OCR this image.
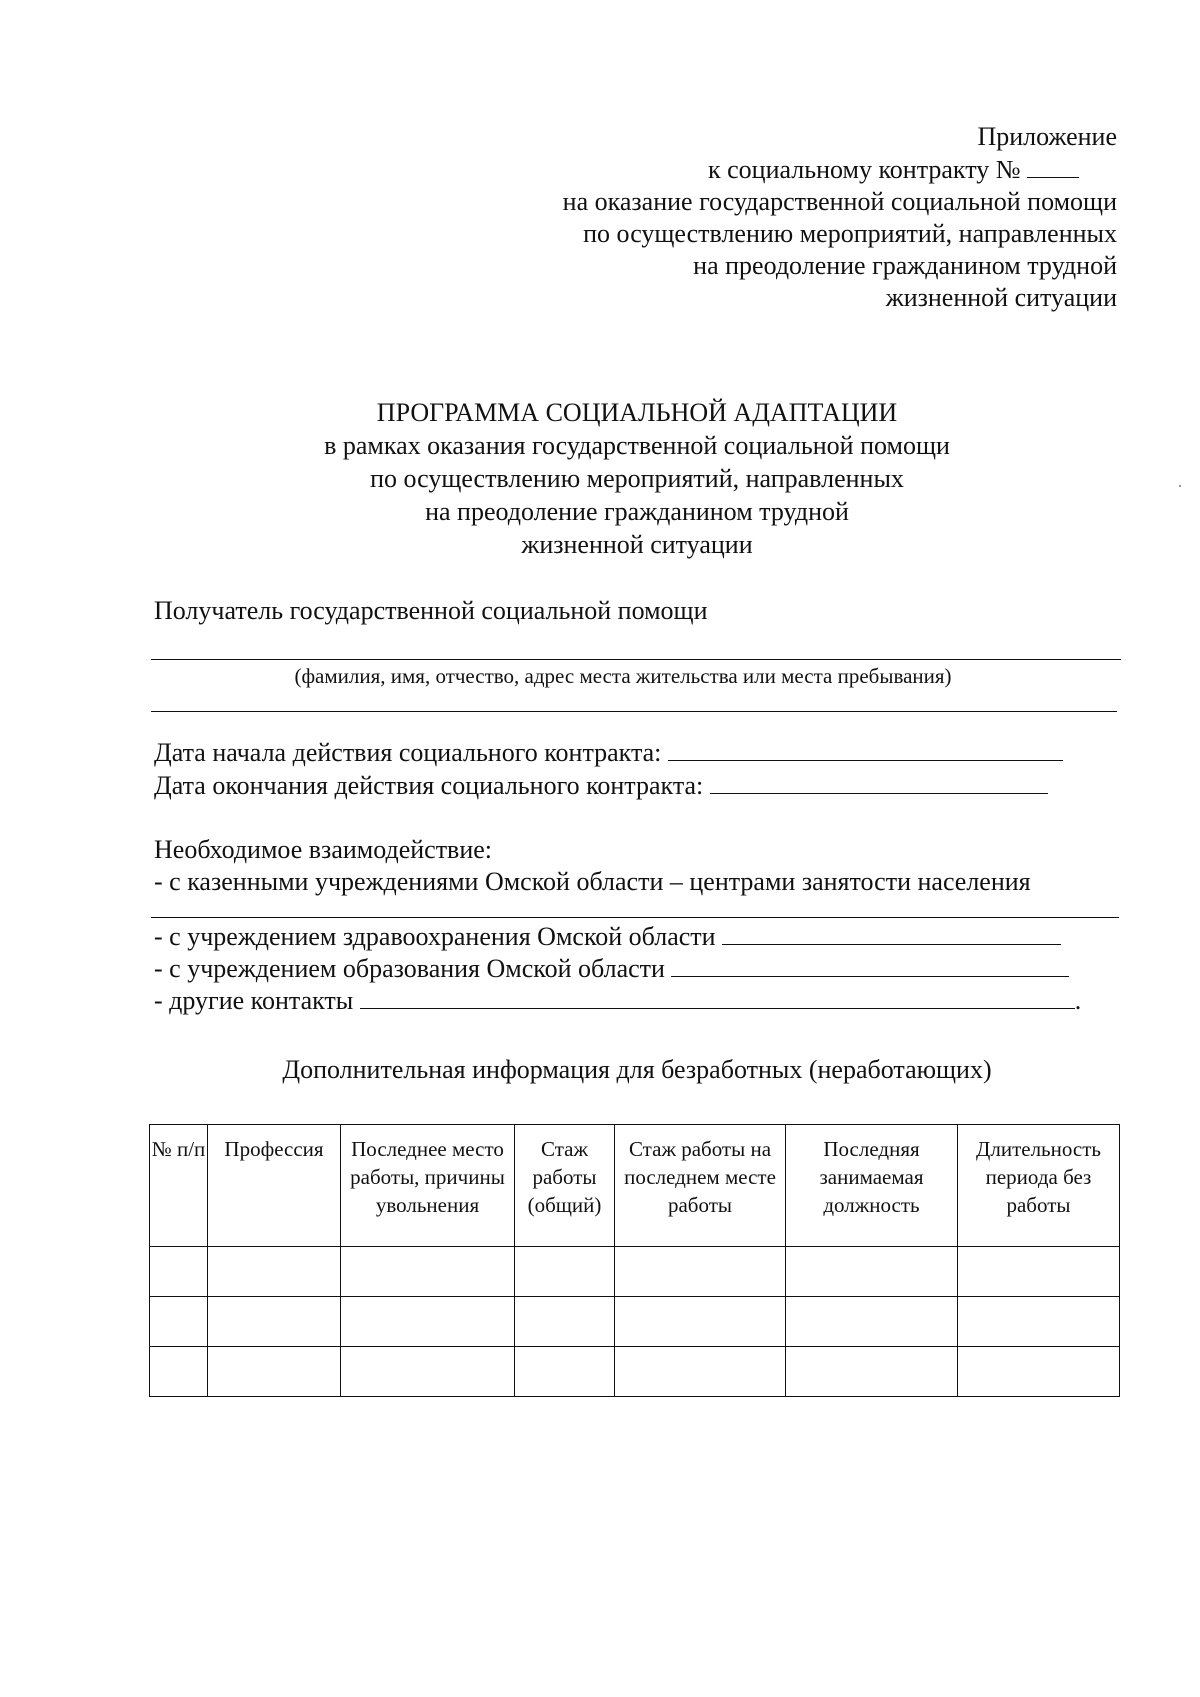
Приложение
к социальному контракту №
на оказание государственной социальной помощи
по осуществлению мероприятий, направленных
на преодоление гражданином трудной
жизненной ситуации
ПРОГРАММА СОЦИАЛЬНОЙ АДАПТАЦИИ
в рамках оказания государственной социальной помощи
по осуществлению мероприятий, направленных
на преодоление гражданином трудной
жизненной ситуации
Получатель государственной социальной помощи
(фамилия, имя, отчество, адрес места жительства или места пребывания)
Дата начала действия социального контракта:
Дата окончания действия социального контракта:
Необходимое взаимодействие:
- с казенными учреждениями Омской области – центрами занятости населения
- с учреждением здравоохранения Омской области
- с учреждением образования Омской области
- другие контакты	.
Дополнительная информация для безработных (неработающих)
№ п/п	Профессия	Последнее место работы, причины увольнения	Стаж работы (общий)	Стаж работы на последнем месте работы	Последняя занимаемая должность	Длительность периода без работы
